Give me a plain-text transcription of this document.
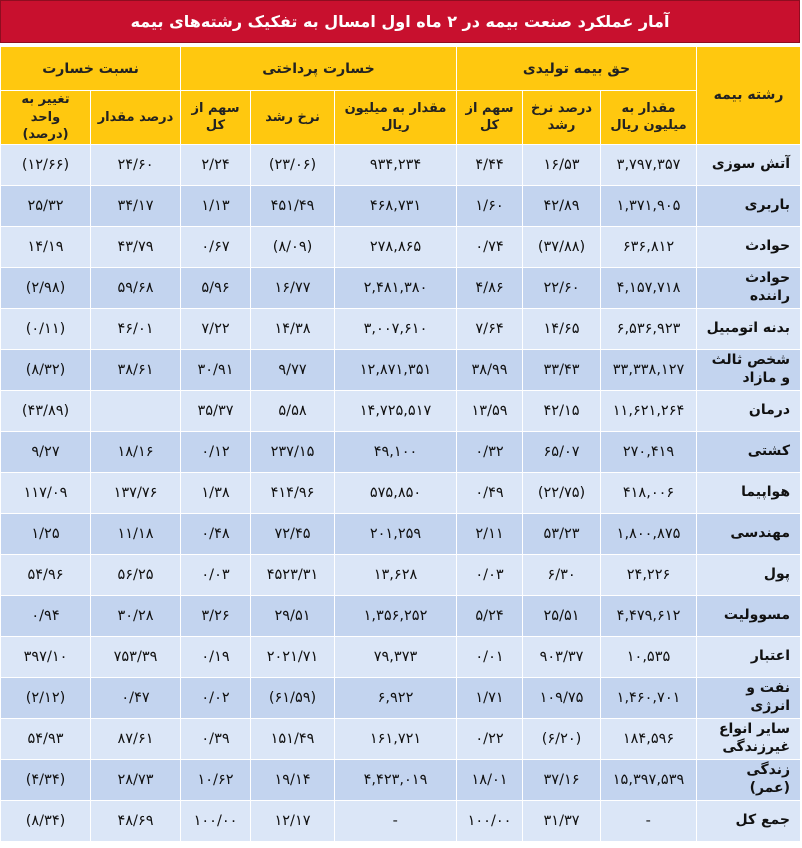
آمار عملکرد صنعت بیمه در ۲ ماه اول امسال به تفکیک رشته‌های بیمه
رشته بیمه	حق بیمه تولیدی			خسارت پرداختی			نسبت خسارت	
	مقدار به میلیون ریال	درصد نرخ رشد	سهم از کل	مقدار به میلیون ریال	نرخ رشد	سهم از کل	درصد مقدار	تغییر به واحد (درصد)
آتش سوزی	۳,۷۹۷,۳۵۷	۱۶/۵۳	۴/۴۴	۹۳۴,۲۳۴	(۲۳/۰۶)	۲/۲۴	۲۴/۶۰	(۱۲/۶۶)
باربری	۱,۳۷۱,۹۰۵	۴۲/۸۹	۱/۶۰	۴۶۸,۷۳۱	۴۵۱/۴۹	۱/۱۳	۳۴/۱۷	۲۵/۳۲
حوادث	۶۳۶,۸۱۲	(۳۷/۸۸)	۰/۷۴	۲۷۸,۸۶۵	(۸/۰۹)	۰/۶۷	۴۳/۷۹	۱۴/۱۹
حوادث راننده	۴,۱۵۷,۷۱۸	۲۲/۶۰	۴/۸۶	۲,۴۸۱,۳۸۰	۱۶/۷۷	۵/۹۶	۵۹/۶۸	(۲/۹۸)
بدنه اتومبیل	۶,۵۳۶,۹۲۳	۱۴/۶۵	۷/۶۴	۳,۰۰۷,۶۱۰	۱۴/۳۸	۷/۲۲	۴۶/۰۱	(۰/۱۱)
شخص ثالث و مازاد	۳۳,۳۳۸,۱۲۷	۳۳/۴۳	۳۸/۹۹	۱۲,۸۷۱,۳۵۱	۹/۷۷	۳۰/۹۱	۳۸/۶۱	(۸/۳۲)
درمان	۱۱,۶۲۱,۲۶۴	۴۲/۱۵	۱۳/۵۹	۱۴,۷۲۵,۵۱۷	۵/۵۸	۳۵/۳۷		(۴۳/۸۹)
کشتی	۲۷۰,۴۱۹	۶۵/۰۷	۰/۳۲	۴۹,۱۰۰	۲۳۷/۱۵	۰/۱۲	۱۸/۱۶	۹/۲۷
هواپیما	۴۱۸,۰۰۶	(۲۲/۷۵)	۰/۴۹	۵۷۵,۸۵۰	۴۱۴/۹۶	۱/۳۸	۱۳۷/۷۶	۱۱۷/۰۹
مهندسی	۱,۸۰۰,۸۷۵	۵۳/۲۳	۲/۱۱	۲۰۱,۲۵۹	۷۲/۴۵	۰/۴۸	۱۱/۱۸	۱/۲۵
پول	۲۴,۲۲۶	۶/۳۰	۰/۰۳	۱۳,۶۲۸	۴۵۲۳/۳۱	۰/۰۳	۵۶/۲۵	۵۴/۹۶
مسوولیت	۴,۴۷۹,۶۱۲	۲۵/۵۱	۵/۲۴	۱,۳۵۶,۲۵۲	۲۹/۵۱	۳/۲۶	۳۰/۲۸	۰/۹۴
اعتبار	۱۰,۵۳۵	۹۰۳/۳۷	۰/۰۱	۷۹,۳۷۳	۲۰۲۱/۷۱	۰/۱۹	۷۵۳/۳۹	۳۹۷/۱۰
نفت و انرژی	۱,۴۶۰,۷۰۱	۱۰۹/۷۵	۱/۷۱	۶,۹۲۲	(۶۱/۵۹)	۰/۰۲	۰/۴۷	(۲/۱۲)
سایر انواع غیرزندگی	۱۸۴,۵۹۶	(۶/۲۰)	۰/۲۲	۱۶۱,۷۲۱	۱۵۱/۴۹	۰/۳۹	۸۷/۶۱	۵۴/۹۳
زندگی (عمر)	۱۵,۳۹۷,۵۳۹	۳۷/۱۶	۱۸/۰۱	۴,۴۲۳,۰۱۹	۱۹/۱۴	۱۰/۶۲	۲۸/۷۳	(۴/۳۴)
جمع کل	-	۳۱/۳۷	۱۰۰/۰۰	-	۱۲/۱۷	۱۰۰/۰۰	۴۸/۶۹	(۸/۳۴)
